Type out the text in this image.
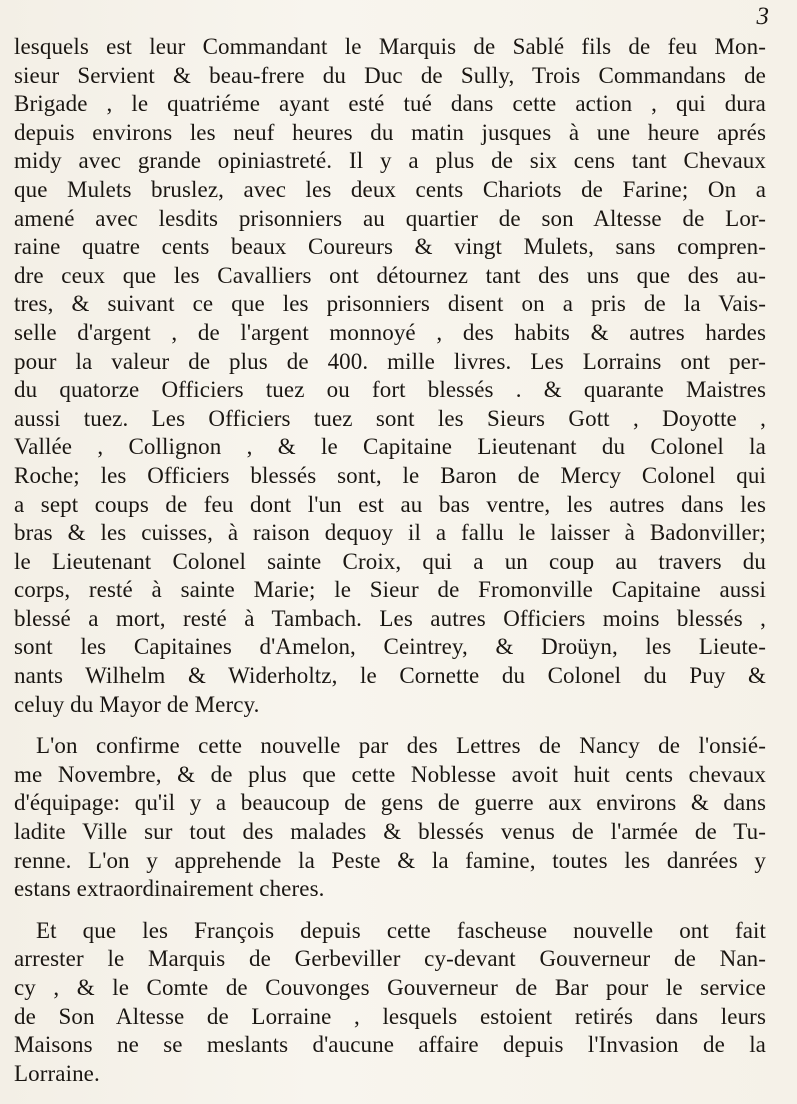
3
lesquels est leur Commandant le Marquis de Sablé fils de feu Mon-
sieur Servient & beau-frere du Duc de Sully, Trois Commandans de
Brigade , le quatriéme ayant esté tué dans cette action , qui dura
depuis environs les neuf heures du matin jusques à une heure aprés
midy avec grande opiniastreté. Il y a plus de six cens tant Chevaux
que Mulets bruslez, avec les deux cents Chariots de Farine; On a
amené avec lesdits prisonniers au quartier de son Altesse de Lor-
raine quatre cents beaux Coureurs & vingt Mulets, sans compren-
dre ceux que les Cavalliers ont détournez tant des uns que des au-
tres, & suivant ce que les prisonniers disent on a pris de la Vais-
selle d'argent , de l'argent monnoyé , des habits & autres hardes
pour la valeur de plus de 400. mille livres. Les Lorrains ont per-
du quatorze Officiers tuez ou fort blessés . & quarante Maistres
aussi tuez. Les Officiers tuez sont les Sieurs Gott , Doyotte ,
Vallée , Collignon , & le Capitaine Lieutenant du Colonel la
Roche; les Officiers blessés sont, le Baron de Mercy Colonel qui
a sept coups de feu dont l'un est au bas ventre, les autres dans les
bras & les cuisses, à raison dequoy il a fallu le laisser à Badonviller;
le Lieutenant Colonel sainte Croix, qui a un coup au travers du
corps, resté à sainte Marie; le Sieur de Fromonville Capitaine aussi
blessé a mort, resté à Tambach. Les autres Officiers moins blessés ,
sont les Capitaines d'Amelon, Ceintrey, & Droüyn, les Lieute-
nants Wilhelm & Widerholtz, le Cornette du Colonel du Puy &
celuy du Mayor de Mercy.
L'on confirme cette nouvelle par des Lettres de Nancy de l'onsié-
me Novembre, & de plus que cette Noblesse avoit huit cents chevaux
d'équipage: qu'il y a beaucoup de gens de guerre aux environs & dans
ladite Ville sur tout des malades & blessés venus de l'armée de Tu-
renne. L'on y apprehende la Peste & la famine, toutes les danrées y
estans extraordinairement cheres.
Et que les François depuis cette fascheuse nouvelle ont fait
arrester le Marquis de Gerbeviller cy-devant Gouverneur de Nan-
cy , & le Comte de Couvonges Gouverneur de Bar pour le service
de Son Altesse de Lorraine , lesquels estoient retirés dans leurs
Maisons ne se meslants d'aucune affaire depuis l'Invasion de la
Lorraine.
